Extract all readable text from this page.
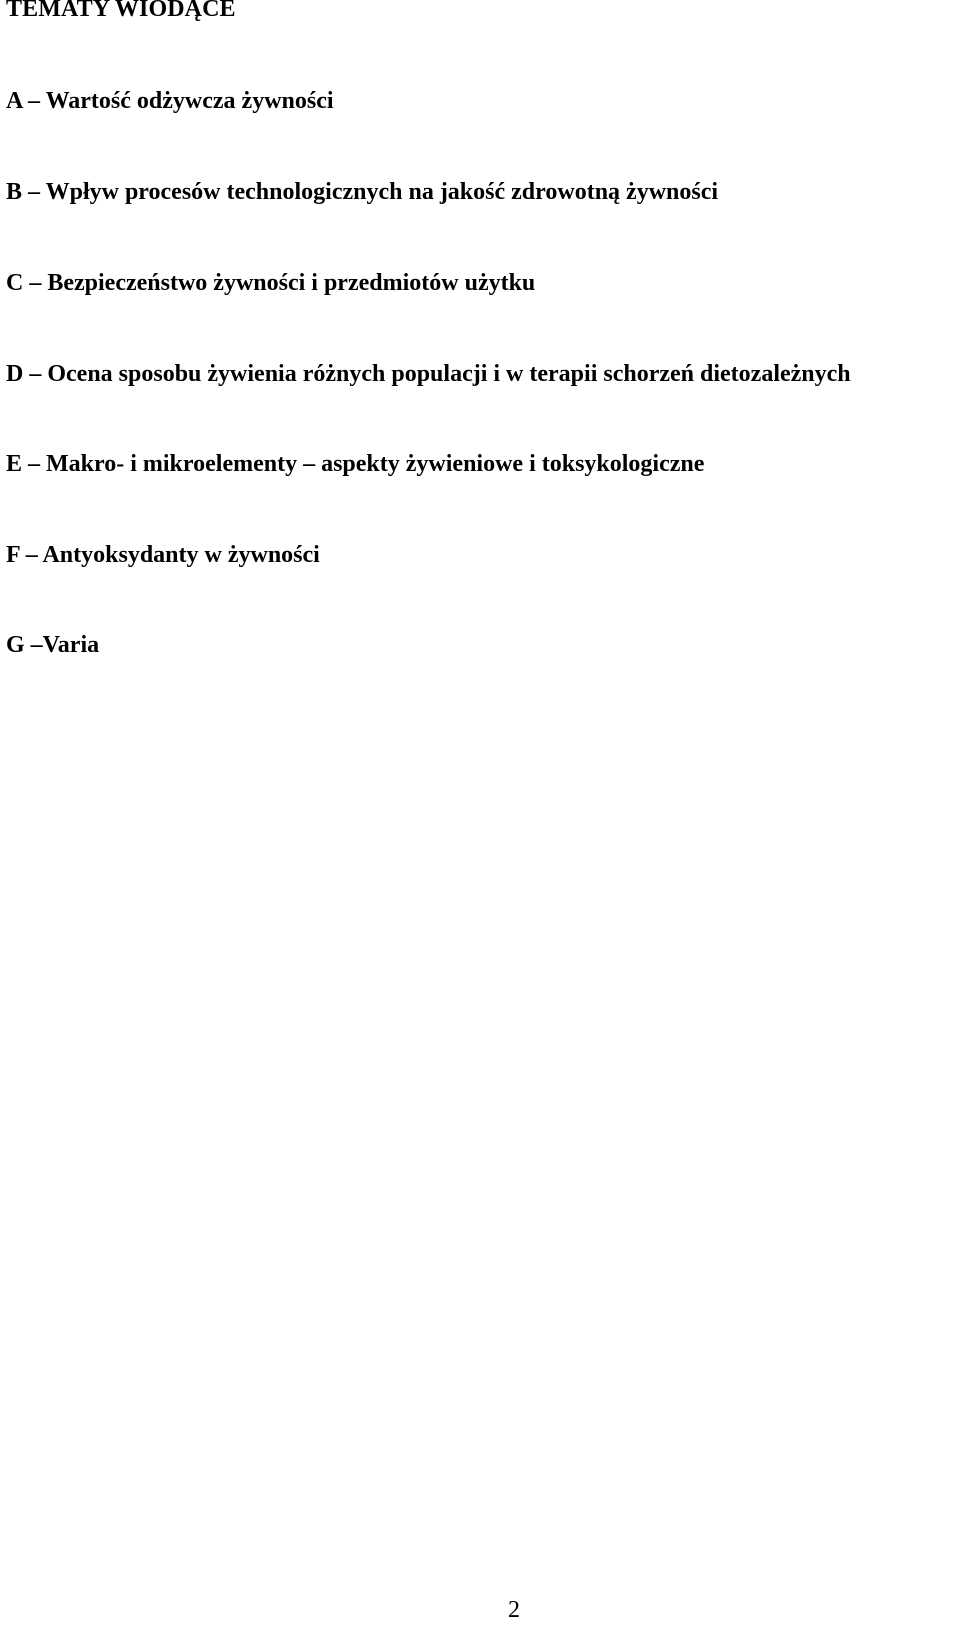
TEMATY WIODĄCE
A – Wartość odżywcza żywności
B – Wpływ procesów technologicznych na jakość zdrowotną żywności
C – Bezpieczeństwo żywności i przedmiotów użytku
D – Ocena sposobu żywienia różnych populacji i w terapii schorzeń dietozależnych
E – Makro- i mikroelementy – aspekty żywieniowe i toksykologiczne
F – Antyoksydanty w żywności
G –Varia
2
